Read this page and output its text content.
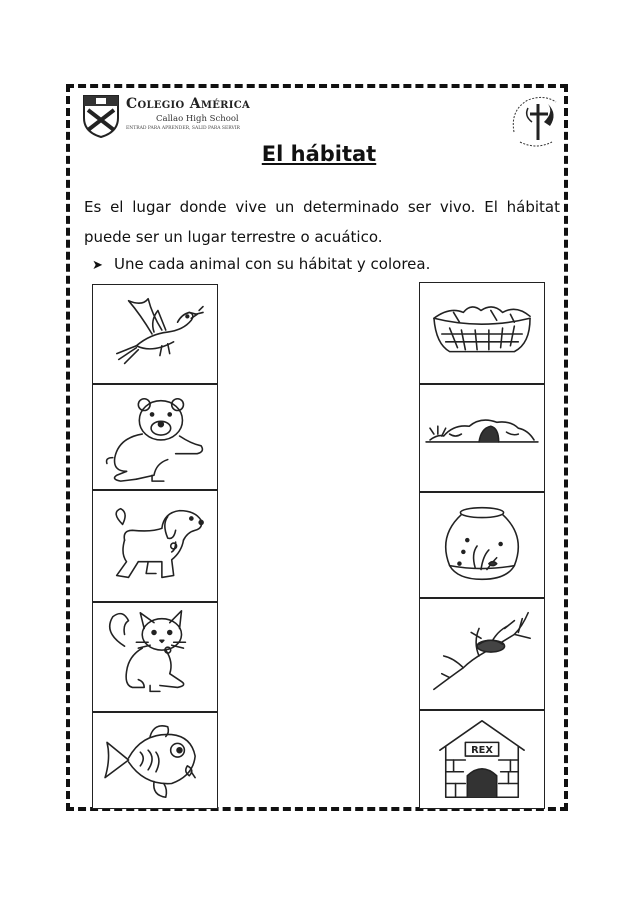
Colegio América
Callao High School
ENTRAD PARA APRENDER, SALID PARA SERVIR
El hábitat
Es el lugar donde vive un determinado ser vivo. El hábitat puede ser un lugar terrestre o acuático.
➤ Une cada animal con su hábitat y colorea.
REX
